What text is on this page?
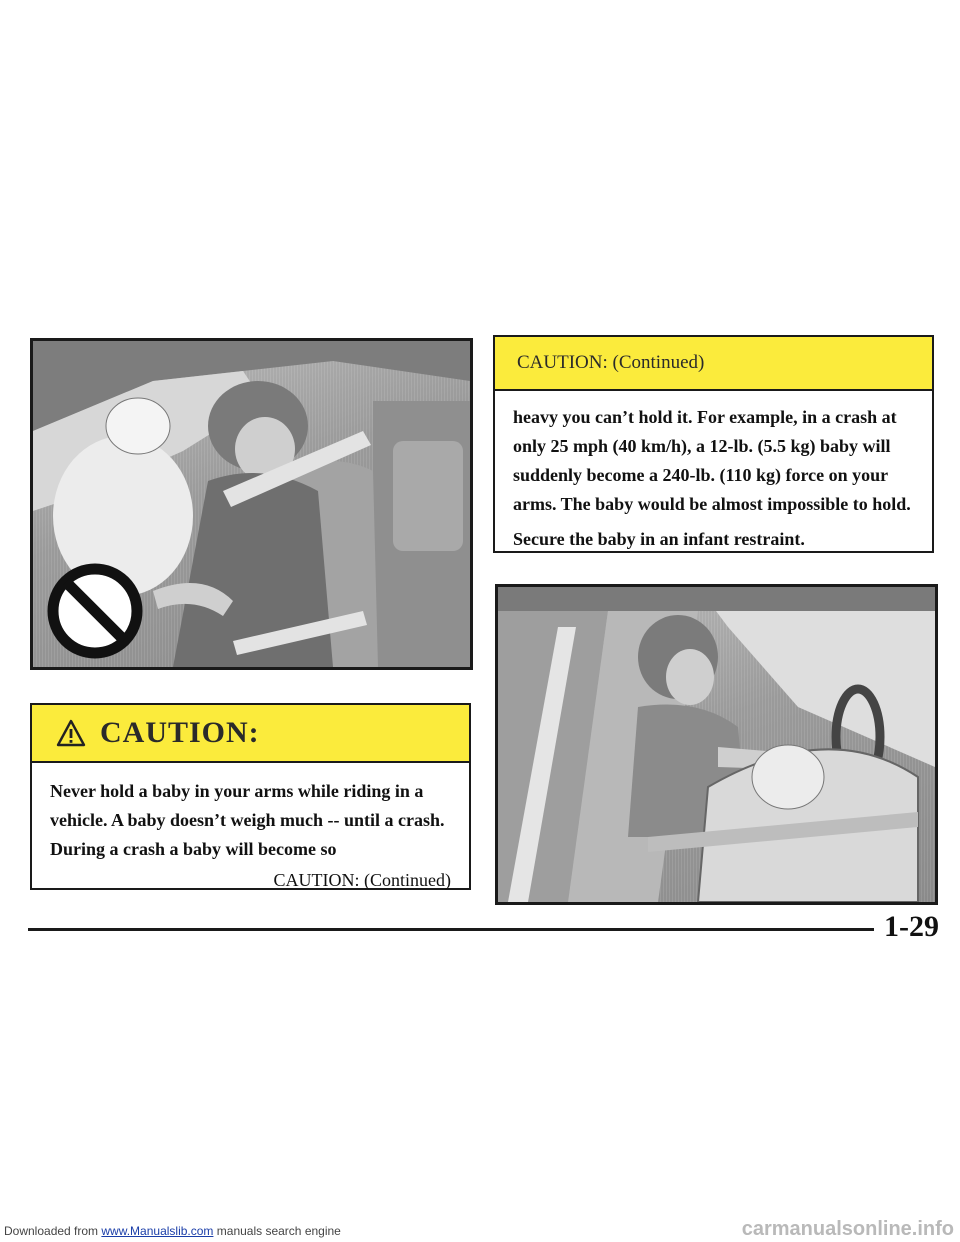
CAUTION:

Never hold a baby in your arms while riding in a vehicle. A baby doesn’t weigh much -- until a crash. During a crash a baby will become so

CAUTION: (Continued)
CAUTION: (Continued)

heavy you can’t hold it. For example, in a crash at only 25 mph (40 km/h), a 12-lb. (5.5 kg) baby will suddenly become a 240-lb. (110 kg) force on your arms. The baby would be almost impossible to hold.

Secure the baby in an infant restraint.

1-29
Downloaded from www.Manualslib.com manuals search engine	carmanualsonline.info
